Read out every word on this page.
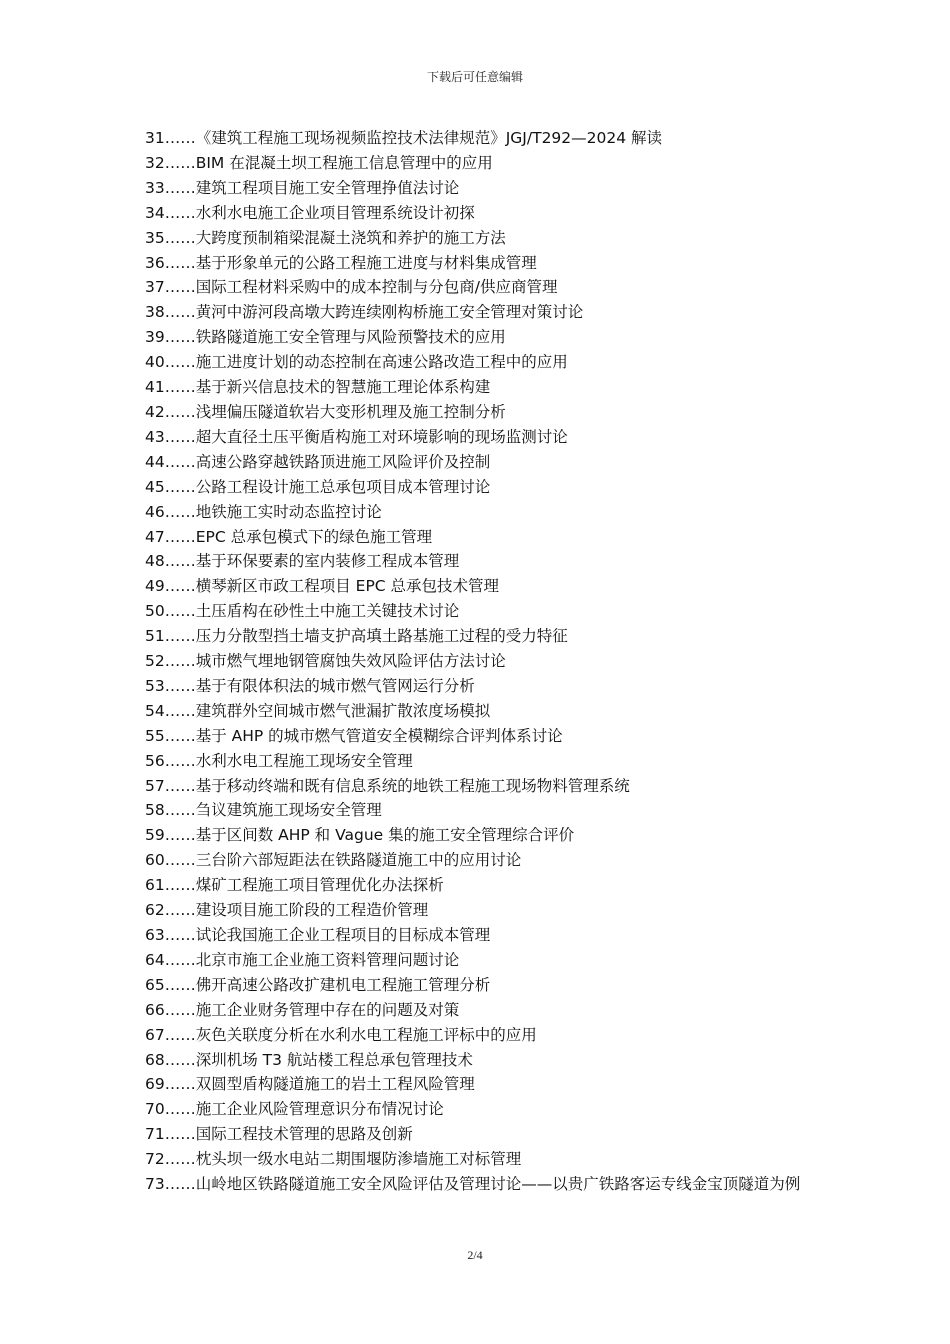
下载后可任意编辑
31……《建筑工程施工现场视频监控技术法律规范》JGJ/T292—2024 解读
32……BIM 在混凝土坝工程施工信息管理中的应用
33……建筑工程项目施工安全管理挣值法讨论
34……水利水电施工企业项目管理系统设计初探
35……大跨度预制箱梁混凝土浇筑和养护的施工方法
36……基于形象单元的公路工程施工进度与材料集成管理
37……国际工程材料采购中的成本控制与分包商/供应商管理
38……黄河中游河段高墩大跨连续刚构桥施工安全管理对策讨论
39……铁路隧道施工安全管理与风险预警技术的应用
40……施工进度计划的动态控制在高速公路改造工程中的应用
41……基于新兴信息技术的智慧施工理论体系构建
42……浅埋偏压隧道软岩大变形机理及施工控制分析
43……超大直径土压平衡盾构施工对环境影响的现场监测讨论
44……高速公路穿越铁路顶进施工风险评价及控制
45……公路工程设计施工总承包项目成本管理讨论
46……地铁施工实时动态监控讨论
47……EPC 总承包模式下的绿色施工管理
48……基于环保要素的室内装修工程成本管理
49……横琴新区市政工程项目 EPC 总承包技术管理
50……土压盾构在砂性土中施工关键技术讨论
51……压力分散型挡土墙支护高填土路基施工过程的受力特征
52……城市燃气埋地钢管腐蚀失效风险评估方法讨论
53……基于有限体积法的城市燃气管网运行分析
54……建筑群外空间城市燃气泄漏扩散浓度场模拟
55……基于 AHP 的城市燃气管道安全模糊综合评判体系讨论
56……水利水电工程施工现场安全管理
57……基于移动终端和既有信息系统的地铁工程施工现场物料管理系统
58……刍议建筑施工现场安全管理
59……基于区间数 AHP 和 Vague 集的施工安全管理综合评价
60……三台阶六部短距法在铁路隧道施工中的应用讨论
61……煤矿工程施工项目管理优化办法探析
62……建设项目施工阶段的工程造价管理
63……试论我国施工企业工程项目的目标成本管理
64……北京市施工企业施工资料管理问题讨论
65……佛开高速公路改扩建机电工程施工管理分析
66……施工企业财务管理中存在的问题及对策
67……灰色关联度分析在水利水电工程施工评标中的应用
68……深圳机场 T3 航站楼工程总承包管理技术
69……双圆型盾构隧道施工的岩土工程风险管理
70……施工企业风险管理意识分布情况讨论
71……国际工程技术管理的思路及创新
72……枕头坝一级水电站二期围堰防渗墙施工对标管理
73……山岭地区铁路隧道施工安全风险评估及管理讨论——以贵广铁路客运专线金宝顶隧道为例
2/4
